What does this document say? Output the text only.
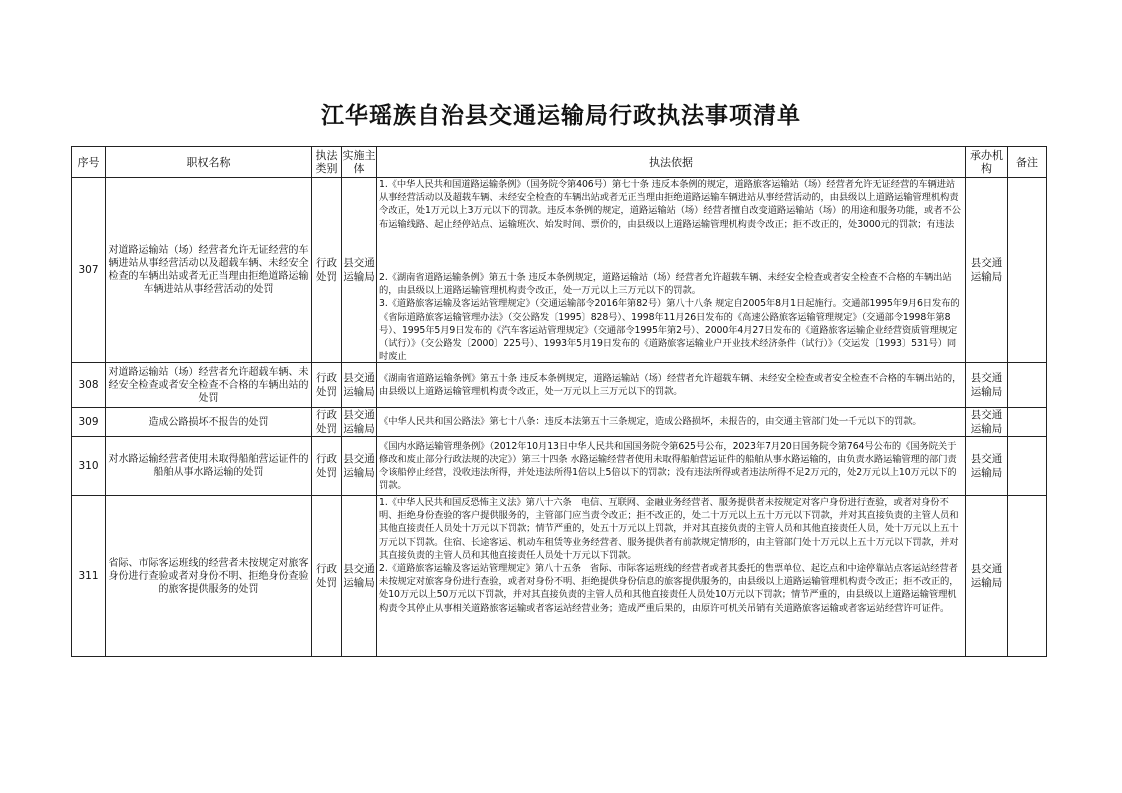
江华瑶族自治县交通运输局行政执法事项清单
序号	职权名称	执法类别	实施主体	执法依据	承办机构	备注
307	对道路运输站（场）经营者允许无证经营的车辆进站从事经营活动以及超载车辆、未经安全检查的车辆出站或者无正当理由拒绝道路运输车辆进站从事经营活动的处罚	行政处罚	县交通运输局	1.《中华人民共和国道路运输条例》（国务院令第406号）第七十条 违反本条例的规定，道路旅客运输站（场）经营者允许无证经营的车辆进站从事经营活动以及超载车辆、未经安全检查的车辆出站或者无正当理由拒绝道路运输车辆进站从事经营活动的，由县级以上道路运输管理机构责令改正，处1万元以上3万元以下的罚款。违反本条例的规定，道路运输站（场）经营者擅自改变道路运输站（场）的用途和服务功能，或者不公布运输线路、起止经停站点、运输班次、始发时间、票价的，由县级以上道路运输管理机构责令改正；拒不改正的，处3000元的罚款；有违法

2.《湖南省道路运输条例》第五十条 违反本条例规定，道路运输站（场）经营者允许超载车辆、未经安全检查或者安全检查不合格的车辆出站的，由县级以上道路运输管理机构责令改正，处一万元以上三万元以下的罚款。

3.《道路旅客运输及客运站管理规定》（交通运输部令2016年第82号）第八十八条 规定自2005年8月1日起施行。交通部1995年9月6日发布的《省际道路旅客运输管理办法》（交公路发〔1995〕828号）、1998年11月26日发布的《高速公路旅客运输管理规定》（交通部令1998年第8号）、1995年5月9日发布的《汽车客运站管理规定》（交通部令1995年第2号）、2000年4月27日发布的《道路旅客运输企业经营资质管理规定（试行）》（交公路发〔2000〕225号）、1993年5月19日发布的《道路旅客运输业户开业技术经济条件（试行）》（交运发〔1993〕531号）同时废止	县交通运输局	
308	对道路运输站（场）经营者允许超载车辆、未经安全检查或者安全检查不合格的车辆出站的处罚	行政处罚	县交通运输局	《湖南省道路运输条例》第五十条 违反本条例规定，道路运输站（场）经营者允许超载车辆、未经安全检查或者安全检查不合格的车辆出站的，由县级以上道路运输管理机构责令改正，处一万元以上三万元以下的罚款。	县交通运输局	
309	造成公路损坏不报告的处罚	行政处罚	县交通运输局	《中华人民共和国公路法》第七十八条：违反本法第五十三条规定，造成公路损坏，未报告的，由交通主管部门处一千元以下的罚款。	县交通运输局	
310	对水路运输经营者使用未取得船舶营运证件的船舶从事水路运输的处罚	行政处罚	县交通运输局	《国内水路运输管理条例》（2012年10月13日中华人民共和国国务院令第625号公布，2023年7月20日国务院令第764号公布的《国务院关于修改和废止部分行政法规的决定》）第三十四条 水路运输经营者使用未取得船舶营运证件的船舶从事水路运输的，由负责水路运输管理的部门责令该船停止经营，没收违法所得，并处违法所得1倍以上5倍以下的罚款；没有违法所得或者违法所得不足2万元的，处2万元以上10万元以下的罚款。	县交通运输局	
311	省际、市际客运班线的经营者未按规定对旅客身份进行查验或者对身份不明、拒绝身份查验的旅客提供服务的处罚	行政处罚	县交通运输局	1.《中华人民共和国反恐怖主义法》第八十六条　电信、互联网、金融业务经营者、服务提供者未按规定对客户身份进行查验，或者对身份不明、拒绝身份查验的客户提供服务的，主管部门应当责令改正；拒不改正的，处二十万元以上五十万元以下罚款，并对其直接负责的主管人员和其他直接责任人员处十万元以下罚款；情节严重的，处五十万元以上罚款，并对其直接负责的主管人员和其他直接责任人员，处十万元以上五十万元以下罚款。住宿、长途客运、机动车租赁等业务经营者、服务提供者有前款规定情形的，由主管部门处十万元以上五十万元以下罚款，并对其直接负责的主管人员和其他直接责任人员处十万元以下罚款。

2.《道路旅客运输及客运站管理规定》第八十五条　省际、市际客运班线的经营者或者其委托的售票单位、起讫点和中途停靠站点客运站经营者未按规定对旅客身份进行查验，或者对身份不明、拒绝提供身份信息的旅客提供服务的，由县级以上道路运输管理机构责令改正；拒不改正的，处10万元以上50万元以下罚款，并对其直接负责的主管人员和其他直接责任人员处10万元以下罚款；情节严重的，由县级以上道路运输管理机构责令其停止从事相关道路旅客运输或者客运站经营业务；造成严重后果的，由原许可机关吊销有关道路旅客运输或者客运站经营许可证件。	县交通运输局	
